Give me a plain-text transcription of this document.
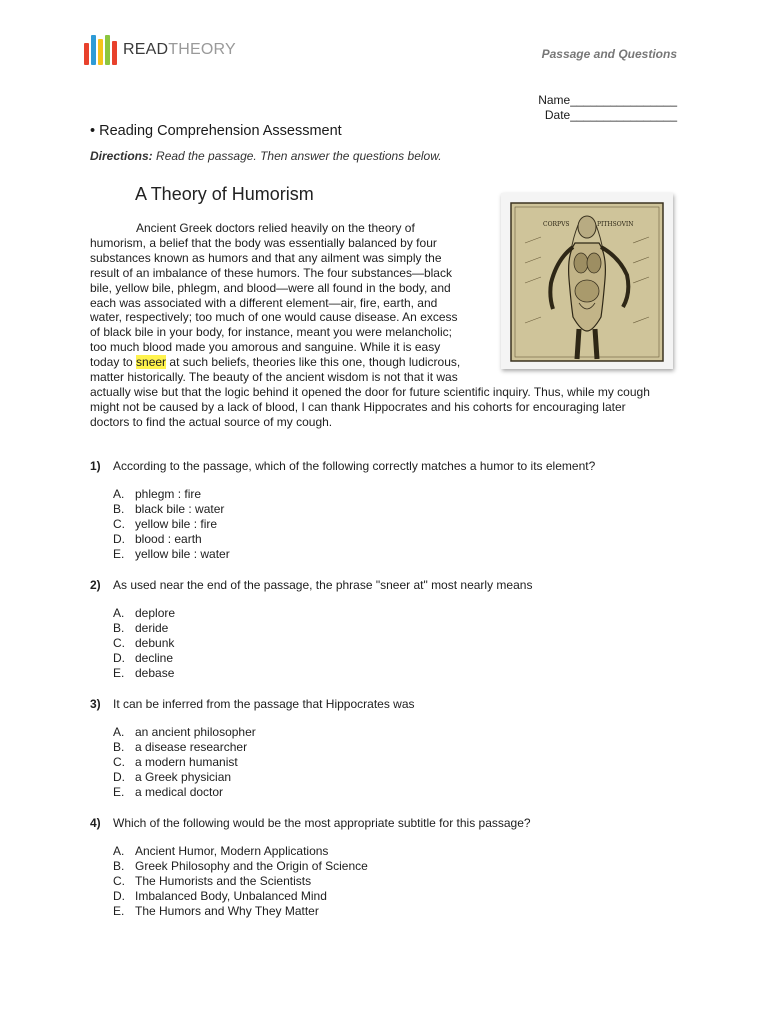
READTHEORY	Passage and Questions
Name________________
Date________________
• Reading Comprehension Assessment
Directions: Read the passage. Then answer the questions below.
A Theory of Humorism
CORPVS	PITHSOVIN
Ancient Greek doctors relied heavily on the theory of
humorism, a belief that the body was essentially balanced by four
substances known as humors and that any ailment was simply the
result of an imbalance of these humors. The four substances—black
bile, yellow bile, phlegm, and blood—were all found in the body, and
each was associated with a different element—air, fire, earth, and
water, respectively; too much of one would cause disease. An excess
of black bile in your body, for instance, meant you were melancholic;
too much blood made you amorous and sanguine. While it is easy
today to sneer at such beliefs, theories like this one, though ludicrous,
matter historically. The beauty of the ancient wisdom is not that it was
actually wise but that the logic behind it opened the door for future scientific inquiry. Thus, while my cough
might not be caused by a lack of blood, I can thank Hippocrates and his cohorts for encouraging later
doctors to find the actual source of my cough.
1)	According to the passage, which of the following correctly matches a humor to its element?
A. phlegm : fire
B. black bile : water
C. yellow bile : fire
D. blood : earth
E. yellow bile : water
2)	As used near the end of the passage, the phrase "sneer at" most nearly means
A. deplore
B. deride
C. debunk
D. decline
E. debase
3)	It can be inferred from the passage that Hippocrates was
A. an ancient philosopher
B. a disease researcher
C. a modern humanist
D. a Greek physician
E. a medical doctor
4)	Which of the following would be the most appropriate subtitle for this passage?
A. Ancient Humor, Modern Applications
B. Greek Philosophy and the Origin of Science
C. The Humorists and the Scientists
D. Imbalanced Body, Unbalanced Mind
E. The Humors and Why They Matter
